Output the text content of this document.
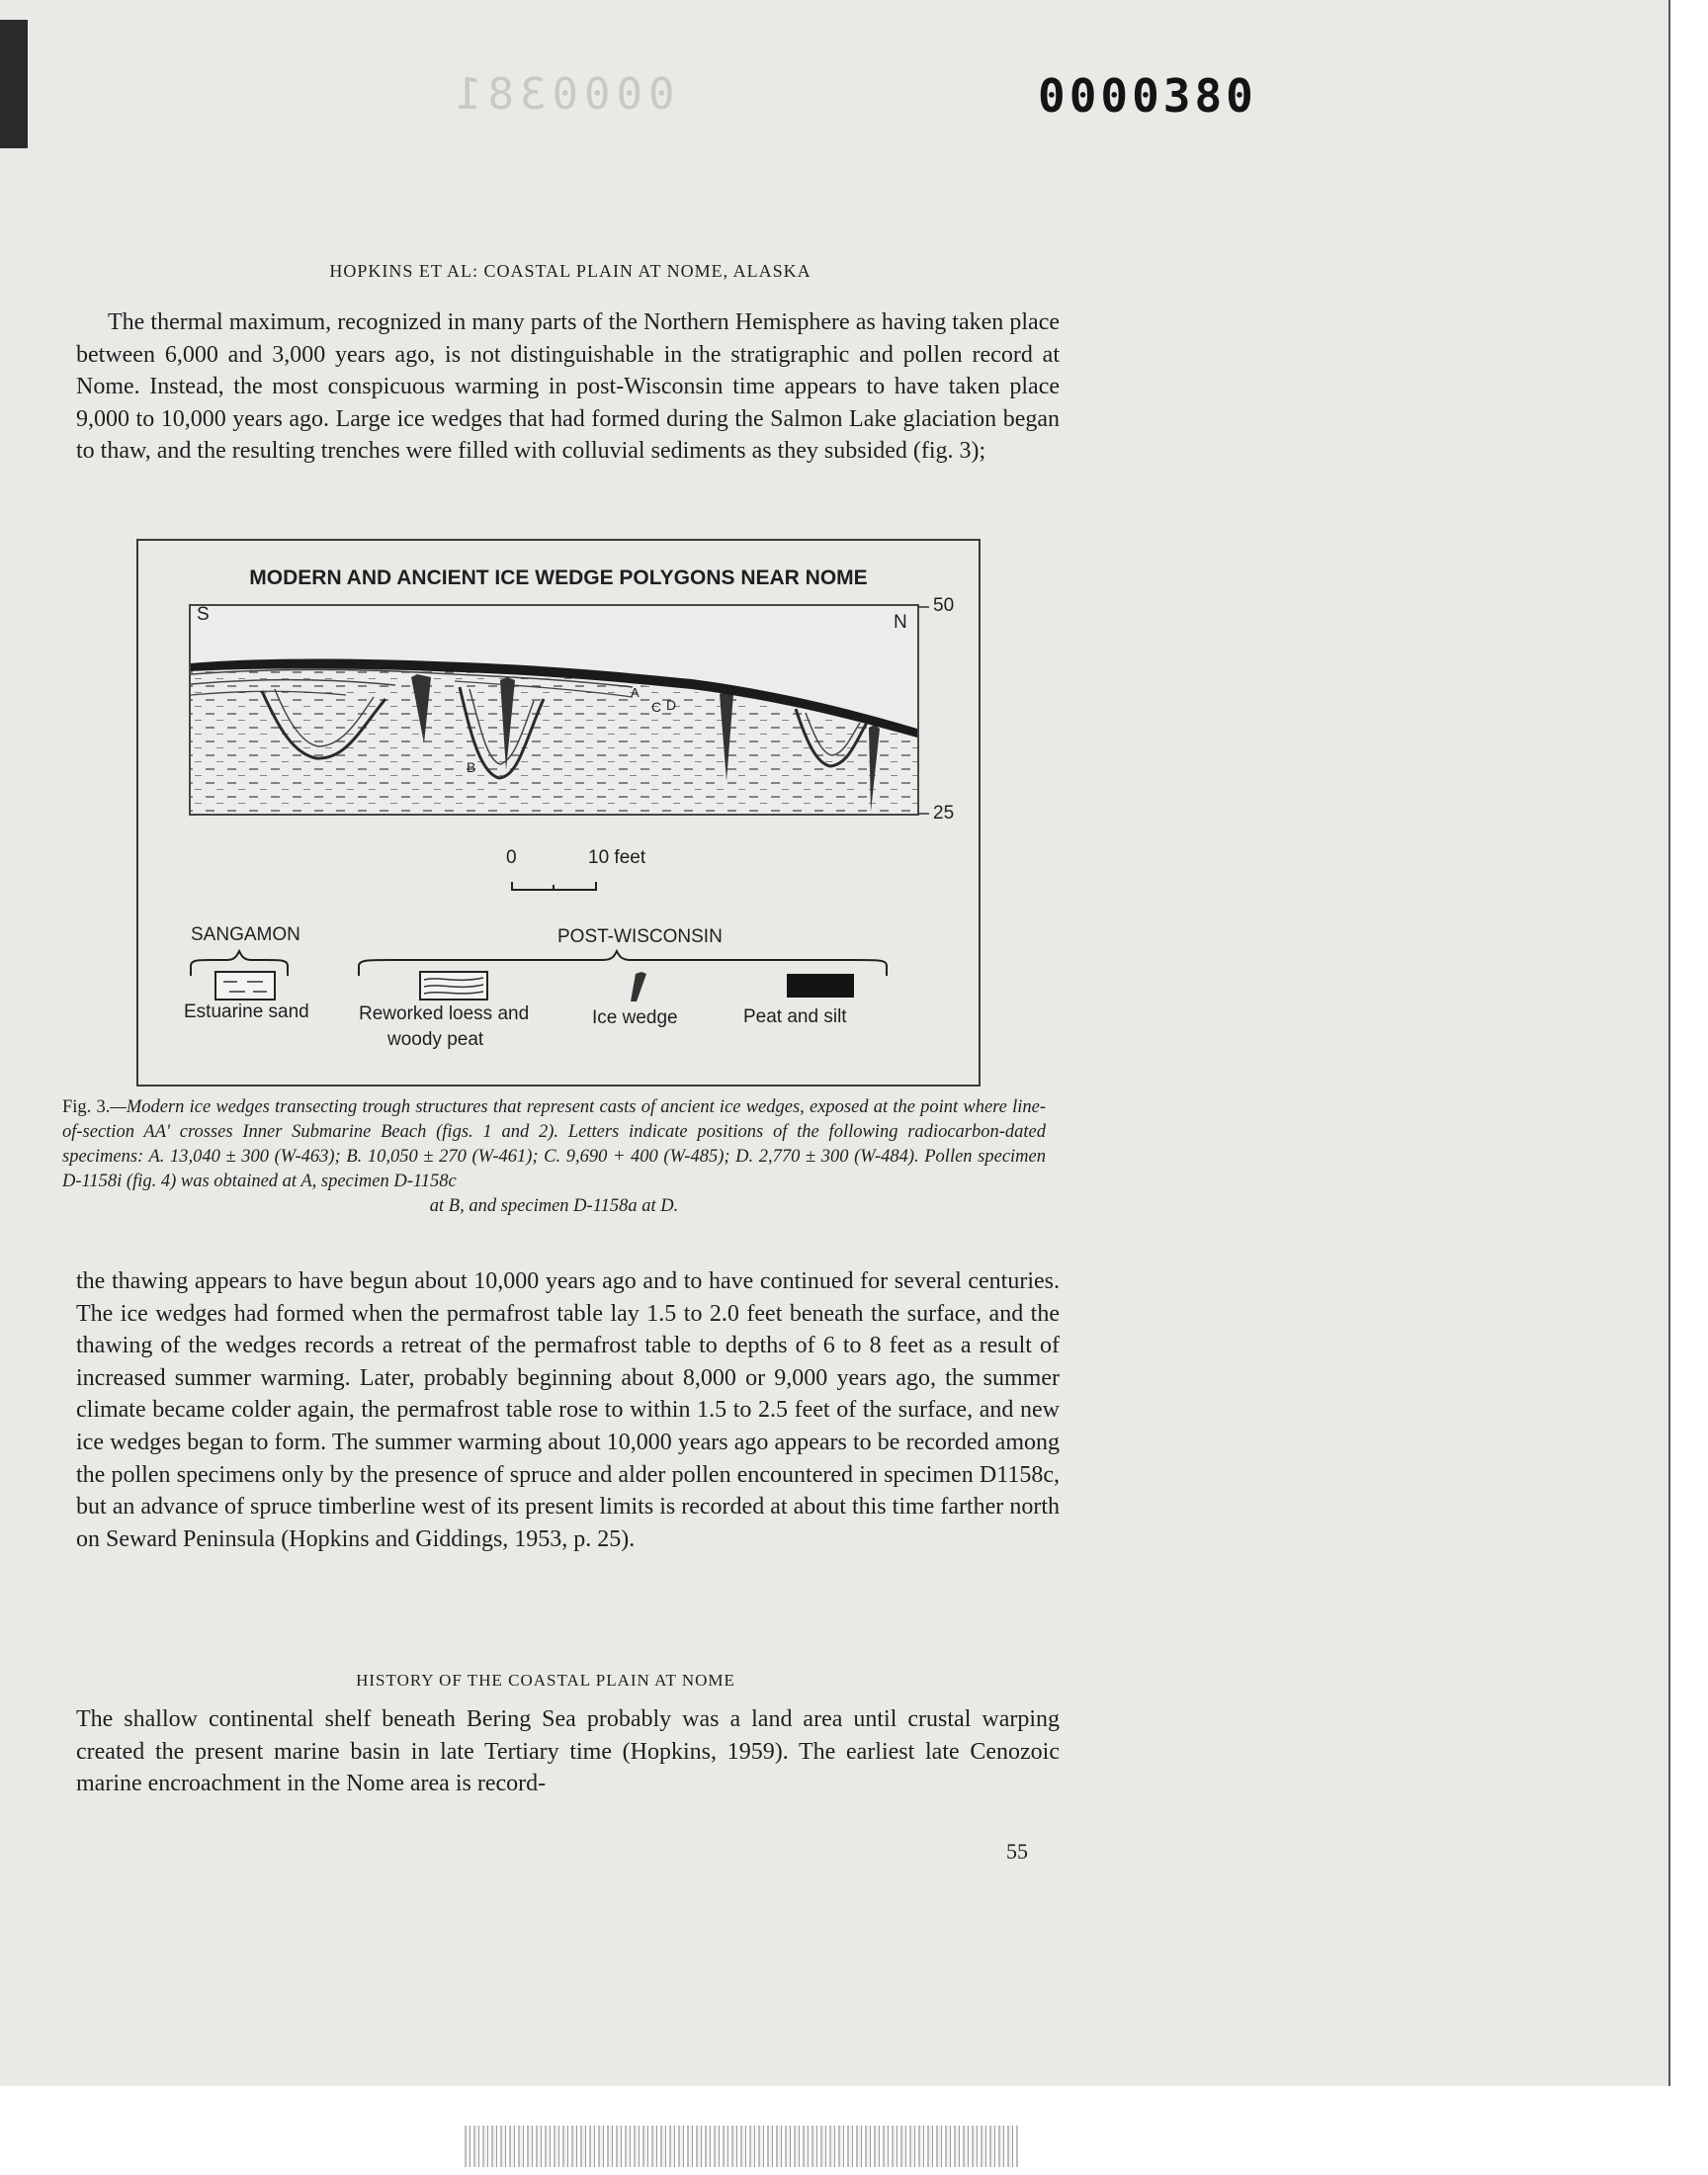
0000381	0000380
HOPKINS ET AL: COASTAL PLAIN AT NOME, ALASKA
The thermal maximum, recognized in many parts of the Northern Hemisphere as having taken place between 6,000 and 3,000 years ago, is not distinguishable in the stratigraphic and pollen record at Nome. Instead, the most conspicuous warming in post-Wisconsin time appears to have taken place 9,000 to 10,000 years ago. Large ice wedges that had formed during the Salmon Lake glaciation began to thaw, and the resulting trenches were filled with colluvial sediments as they subsided (fig. 3);
MODERN AND ANCIENT ICE WEDGE POLYGONS NEAR NOME
S	N
50
25
A
B
C D
0	10 feet
SANGAMON	POST-WISCONSIN
Estuarine sand	Reworked loess and
woody peat
Ice wedge	Peat and silt
Fig. 3.—Modern ice wedges transecting trough structures that represent casts of ancient ice wedges, exposed at the point where line-of-section AA' crosses Inner Submarine Beach (figs. 1 and 2). Letters indicate positions of the following radiocarbon-dated specimens: A. 13,040 ± 300 (W-463); B. 10,050 ± 270 (W-461); C. 9,690 + 400 (W-485); D. 2,770 ± 300 (W-484). Pollen specimen D-1158i (fig. 4) was obtained at A, specimen D-1158c
at B, and specimen D-1158a at D.
the thawing appears to have begun about 10,000 years ago and to have continued for several centuries. The ice wedges had formed when the permafrost table lay 1.5 to 2.0 feet beneath the surface, and the thawing of the wedges records a retreat of the permafrost table to depths of 6 to 8 feet as a result of increased summer warming. Later, probably beginning about 8,000 or 9,000 years ago, the summer climate became colder again, the permafrost table rose to within 1.5 to 2.5 feet of the surface, and new ice wedges began to form. The summer warming about 10,000 years ago appears to be recorded among the pollen specimens only by the presence of spruce and alder pollen encountered in specimen D1158c, but an advance of spruce timberline west of its present limits is recorded at about this time farther north on Seward Peninsula (Hopkins and Giddings, 1953, p. 25).
HISTORY OF THE COASTAL PLAIN AT NOME
The shallow continental shelf beneath Bering Sea probably was a land area until crustal warping created the present marine basin in late Tertiary time (Hopkins, 1959). The earliest late Cenozoic marine encroachment in the Nome area is record-
55
